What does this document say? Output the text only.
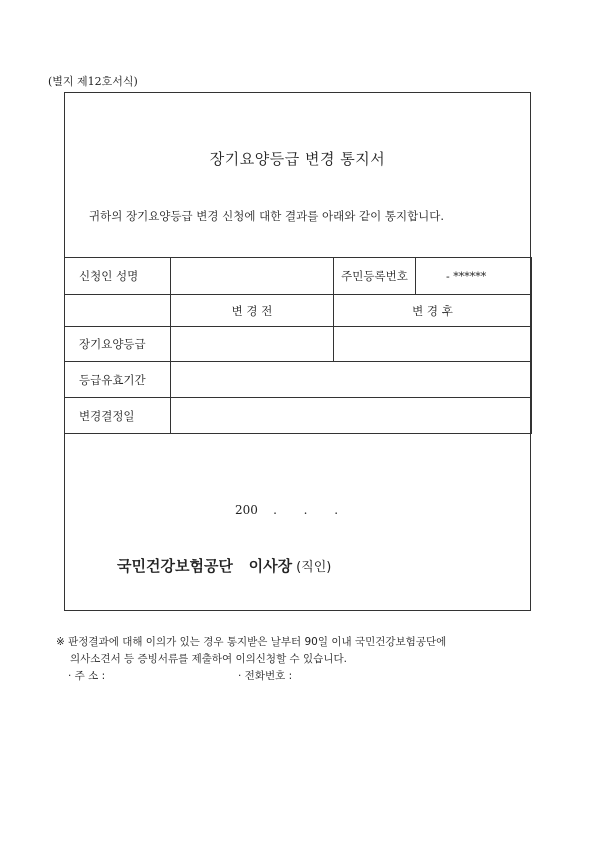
(별지 제12호서식)
장기요양등급 변경 통지서
귀하의 장기요양등급 변경 신청에 대한 결과를 아래와 같이 통지합니다.
신청인 성명		주민등록번호	- ******
	변 경 전	변 경 후	
장기요양등급			
등급유효기간			
변경결정일			
200    .       .       .
국민건강보험공단   이사장 (직인)
※ 판정결과에 대해 이의가 있는 경우 통지받은 날부터 90일 이내 국민건강보험공단에
의사소견서 등 증빙서류를 제출하여 이의신청할 수 있습니다.
· 주 소 :	· 전화번호 :
